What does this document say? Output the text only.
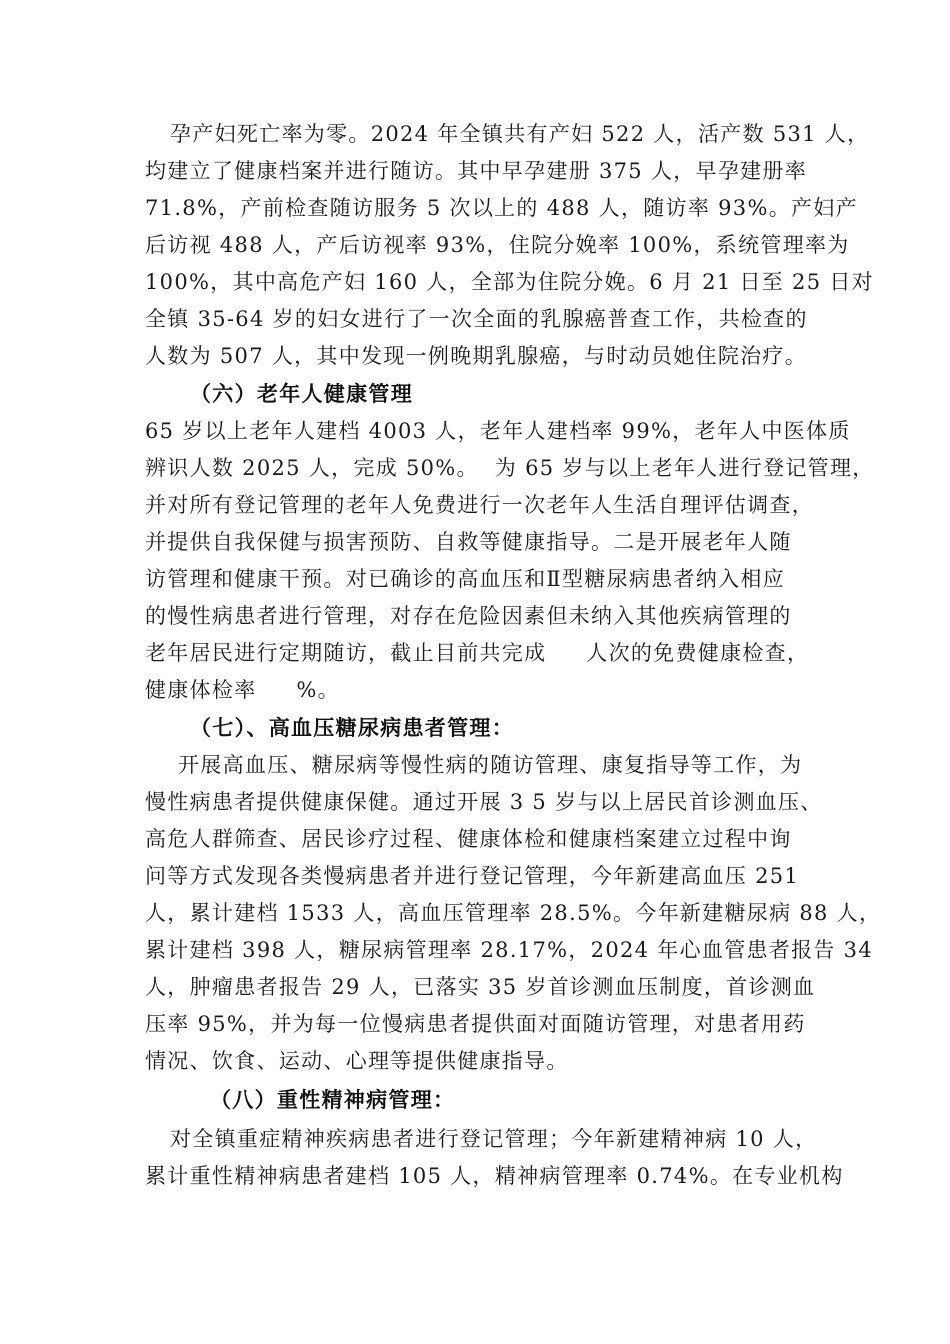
孕产妇死亡率为零。2024 年全镇共有产妇 522 人，活产数 531 人，
均建立了健康档案并进行随访。其中早孕建册 375 人，早孕建册率
71.8%，产前检查随访服务 5 次以上的 488 人，随访率 93%。产妇产
后访视 488 人，产后访视率 93%，住院分娩率 100%，系统管理率为
100%，其中高危产妇 160 人，全部为住院分娩。6 月 21 日至 25 日对
全镇 35-64 岁的妇女进行了一次全面的乳腺癌普查工作，共检查的
人数为 507 人，其中发现一例晚期乳腺癌，与时动员她住院治疗。
（六）老年人健康管理
65 岁以上老年人建档 4003 人，老年人建档率 99%，老年人中医体质
辨识人数 2025 人，完成 50%。  为 65 岁与以上老年人进行登记管理，
并对所有登记管理的老年人免费进行一次老年人生活自理评估调查，
并提供自我保健与损害预防、自救等健康指导。二是开展老年人随
访管理和健康干预。对已确诊的高血压和Ⅱ型糖尿病患者纳入相应
的慢性病患者进行管理，对存在危险因素但未纳入其他疾病管理的
老年居民进行定期随访，截止目前共完成     人次的免费健康检查，
健康体检率     %。
（七）、高血压糖尿病患者管理：
开展高血压、糖尿病等慢性病的随访管理、康复指导等工作，为
慢性病患者提供健康保健。通过开展 3 5 岁与以上居民首诊测血压、
高危人群筛查、居民诊疗过程、健康体检和健康档案建立过程中询
问等方式发现各类慢病患者并进行登记管理，今年新建高血压 251
人，累计建档 1533 人，高血压管理率 28.5%。今年新建糖尿病 88 人，
累计建档 398 人，糖尿病管理率 28.17%，2024 年心血管患者报告 34
人，肿瘤患者报告 29 人，已落实 35 岁首诊测血压制度，首诊测血
压率 95%，并为每一位慢病患者提供面对面随访管理，对患者用药
情况、饮食、运动、心理等提供健康指导。
（八）重性精神病管理：
对全镇重症精神疾病患者进行登记管理；今年新建精神病 10 人，
累计重性精神病患者建档 105 人，精神病管理率 0.74%。在专业机构
